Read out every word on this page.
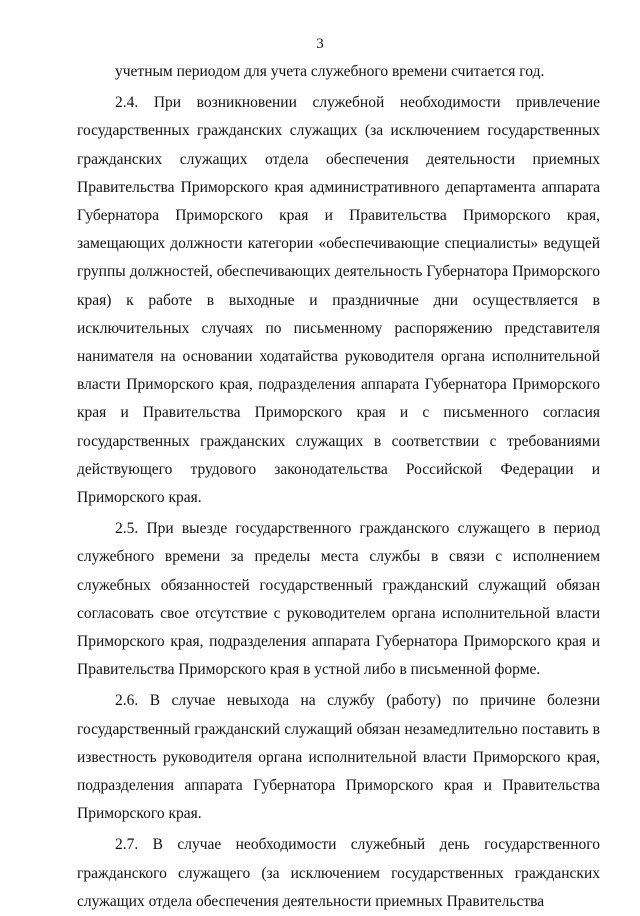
3

учетным периодом для учета служебного времени считается год.

2.4. При возникновении служебной необходимости привлечение государственных гражданских служащих (за исключением государственных гражданских служащих отдела обеспечения деятельности приемных Правительства Приморского края административного департамента аппарата Губернатора Приморского края и Правительства Приморского края, замещающих должности категории «обеспечивающие специалисты» ведущей группы должностей, обеспечивающих деятельность Губернатора Приморского края) к работе в выходные и праздничные дни осуществляется в исключительных случаях по письменному распоряжению представителя нанимателя на основании ходатайства руководителя органа исполнительной власти Приморского края, подразделения аппарата Губернатора Приморского края и Правительства Приморского края и с письменного согласия государственных гражданских служащих в соответствии с требованиями действующего трудового законодательства Российской Федерации и Приморского края.

2.5. При выезде государственного гражданского служащего в период служебного времени за пределы места службы в связи с исполнением служебных обязанностей государственный гражданский служащий обязан согласовать свое отсутствие с руководителем органа исполнительной власти Приморского края, подразделения аппарата Губернатора Приморского края и Правительства Приморского края в устной либо в письменной форме.

2.6. В случае невыхода на службу (работу) по причине болезни государственный гражданский служащий обязан незамедлительно поставить в известность руководителя органа исполнительной власти Приморского края, подразделения аппарата Губернатора Приморского края и Правительства Приморского края.

2.7. В случае необходимости служебный день государственного гражданского служащего (за исключением государственных гражданских служащих отдела обеспечения деятельности приемных Правительства
